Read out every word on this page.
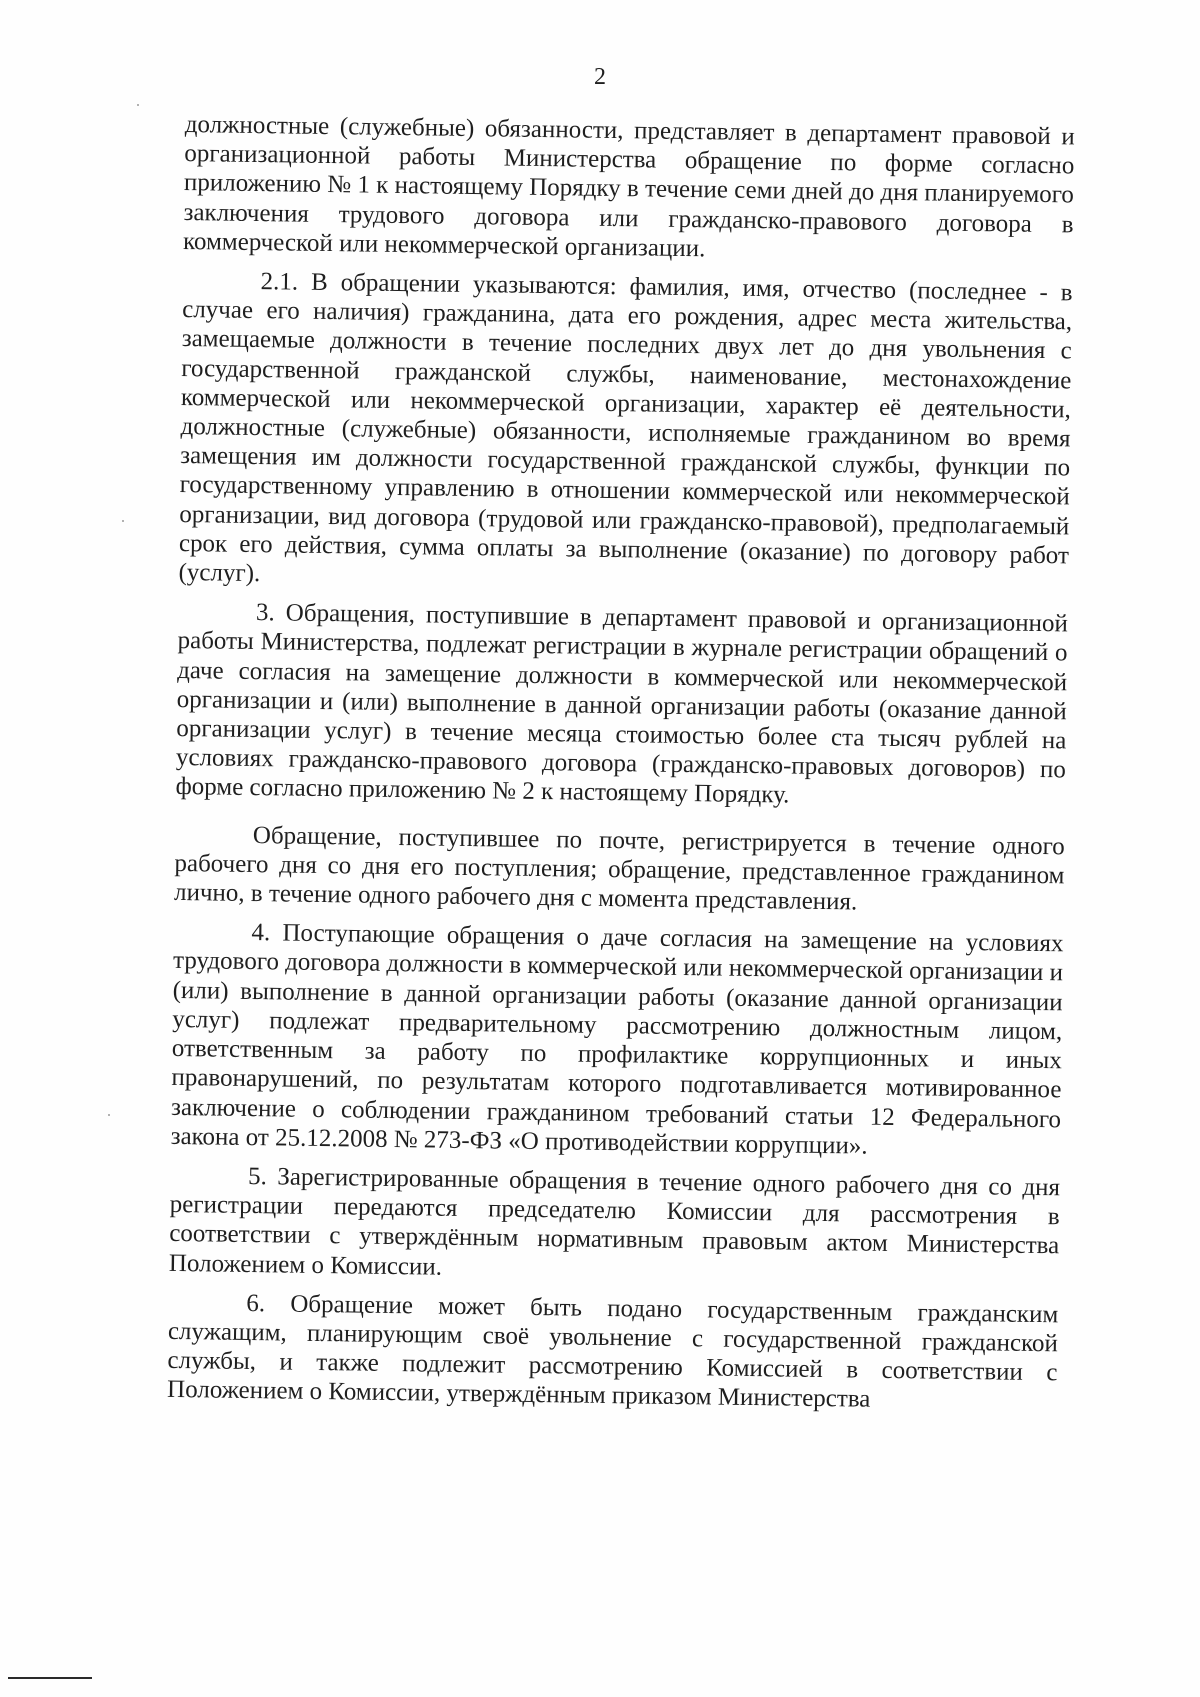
2

должностные (служебные) обязанности, представляет в департамент правовой и организационной работы Министерства обращение по форме согласно приложению № 1 к настоящему Порядку в течение семи дней до дня планируемого заключения трудового договора или гражданско-правового договора в коммерческой или некоммерческой организации.

2.1. В обращении указываются: фамилия, имя, отчество (последнее - в случае его наличия) гражданина, дата его рождения, адрес места жительства, замещаемые должности в течение последних двух лет до дня увольнения с государственной гражданской службы, наименование, местонахождение коммерческой или некоммерческой организации, характер её деятельности, должностные (служебные) обязанности, исполняемые гражданином во время замещения им должности государственной гражданской службы, функции по государственному управлению в отношении коммерческой или некоммерческой организации, вид договора (трудовой или гражданско-правовой), предполагаемый срок его действия, сумма оплаты за выполнение (оказание) по договору работ (услуг).

3. Обращения, поступившие в департамент правовой и организационной работы Министерства, подлежат регистрации в журнале регистрации обращений о даче согласия на замещение должности в коммерческой или некоммерческой организации и (или) выполнение в данной организации работы (оказание данной организации услуг) в течение месяца стоимостью более ста тысяч рублей на условиях гражданско-правового договора (гражданско-правовых договоров) по форме согласно приложению № 2 к настоящему Порядку.

Обращение, поступившее по почте, регистрируется в течение одного рабочего дня со дня его поступления; обращение, представленное гражданином лично, в течение одного рабочего дня с момента представления.

4. Поступающие обращения о даче согласия на замещение на условиях трудового договора должности в коммерческой или некоммерческой организации и (или) выполнение в данной организации работы (оказание данной организации услуг) подлежат предварительному рассмотрению должностным лицом, ответственным за работу по профилактике коррупционных и иных правонарушений, по результатам которого подготавливается мотивированное заключение о соблюдении гражданином требований статьи 12 Федерального закона от 25.12.2008 № 273-ФЗ «О противодействии коррупции».

5. Зарегистрированные обращения в течение одного рабочего дня со дня регистрации передаются председателю Комиссии для рассмотрения в соответствии с утверждённым нормативным правовым актом Министерства Положением о Комиссии.

6. Обращение может быть подано государственным гражданским служащим, планирующим своё увольнение с государственной гражданской службы, и также подлежит рассмотрению Комиссией в соответствии с Положением о Комиссии, утверждённым приказом Министерства
